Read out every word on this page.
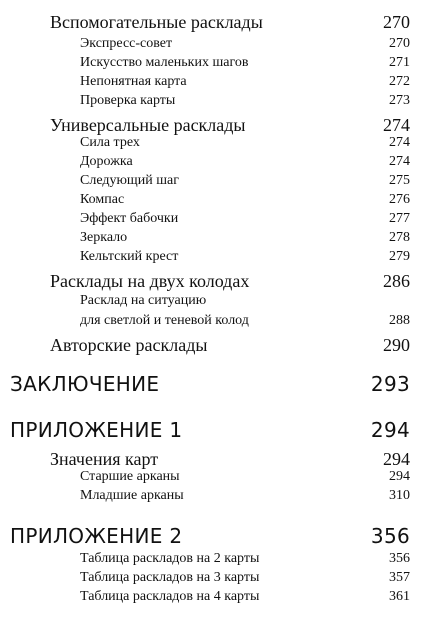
Вспомогательные расклады	270
Экспресс-совет	270
Искусство маленьких шагов	271
Непонятная карта	272
Проверка карты	273
Универсальные расклады	274
Сила трех	274
Дорожка	274
Следующий шаг	275
Компас	276
Эффект бабочки	277
Зеркало	278
Кельтский крест	279
Расклады на двух колодах	286
Расклад на ситуацию
для светлой и теневой колод	288
Авторские расклады	290
ЗАКЛЮЧЕНИЕ	293
ПРИЛОЖЕНИЕ 1	294
Значения карт	294
Старшие арканы	294
Младшие арканы	310
ПРИЛОЖЕНИЕ 2	356
Таблица раскладов на 2 карты	356
Таблица раскладов на 3 карты	357
Таблица раскладов на 4 карты	361
